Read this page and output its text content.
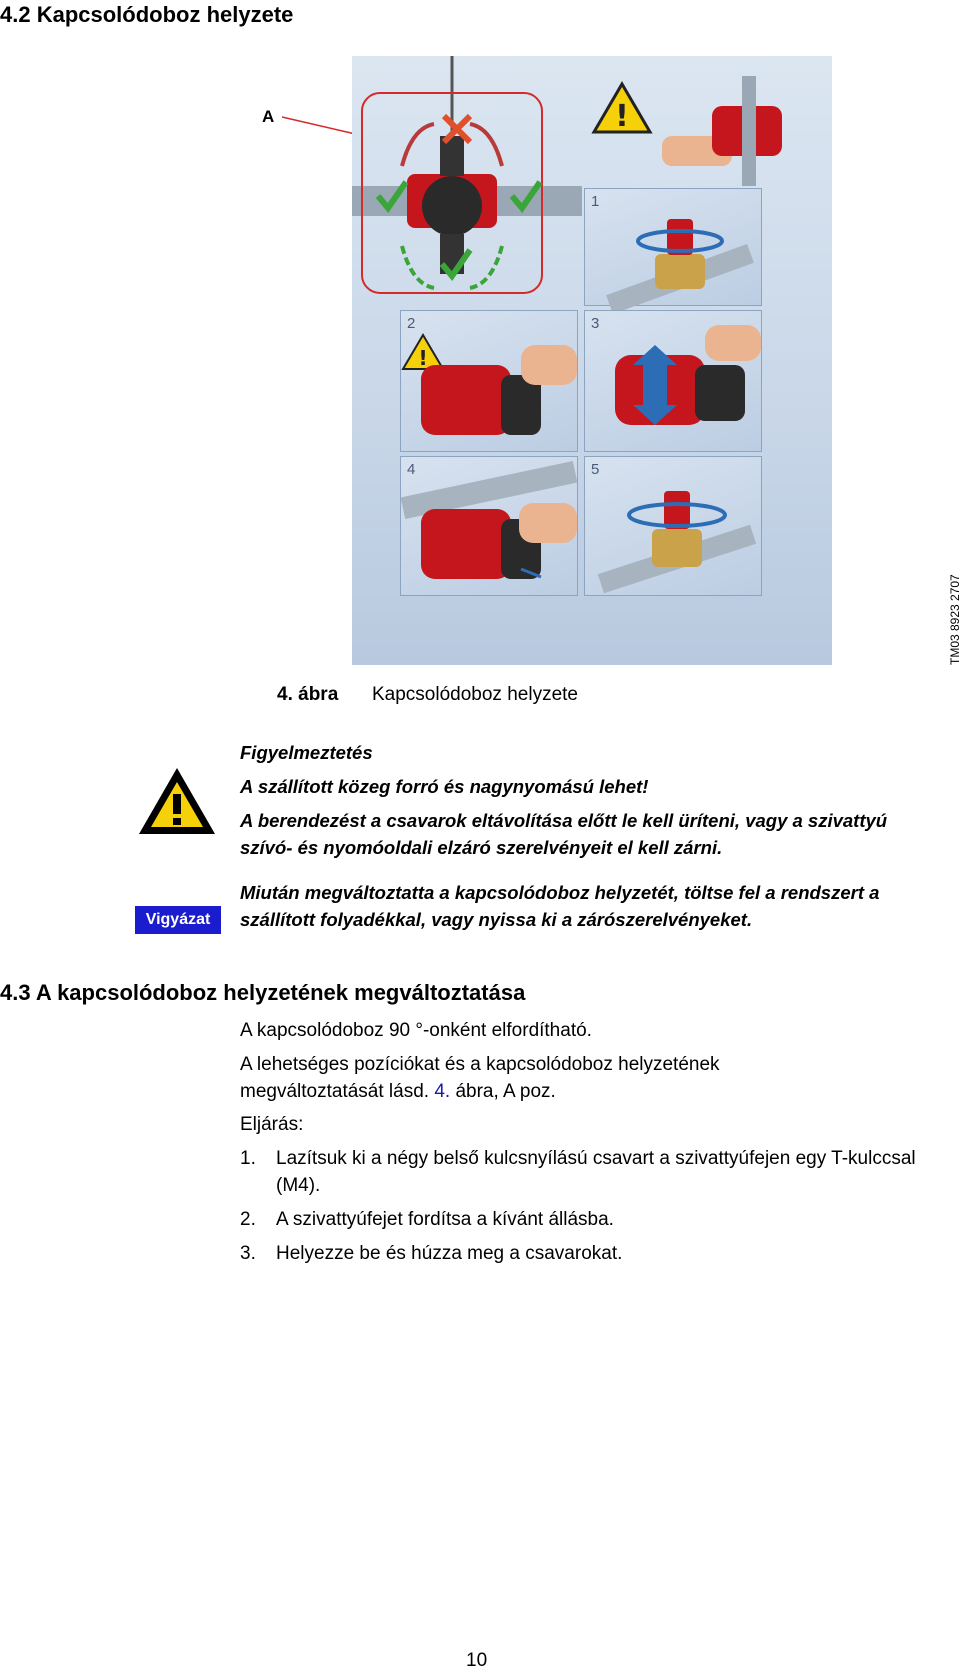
4.2 Kapcsolódoboz helyzete
A	!
1
2
!
3
4	5
TM03 8923 2707
4. ábra Kapcsolódoboz helyzete
Figyelmeztetés
A szállított közeg forró és nagynyomású lehet!
A berendezést a csavarok eltávolítása előtt le kell üríteni, vagy a szivattyú szívó- és nyomóoldali elzáró szerelvényeit el kell zárni.
Vigyázat
Miután megváltoztatta a kapcsolódoboz helyzetét, töltse fel a rendszert a szállított folyadékkal, vagy nyissa ki a zárószerelvényeket.
4.3 A kapcsolódoboz helyzetének megváltoztatása
A kapcsolódoboz 90 °-onként elfordítható.
A lehetséges pozíciókat és a kapcsolódoboz helyzetének megváltoztatását lásd. 4. ábra, A poz.
Eljárás:
1. Lazítsuk ki a négy belső kulcsnyílású csavart a szivattyúfejen egy T-kulccsal (M4).
2. A szivattyúfejet fordítsa a kívánt állásba.
3. Helyezze be és húzza meg a csavarokat.
10
